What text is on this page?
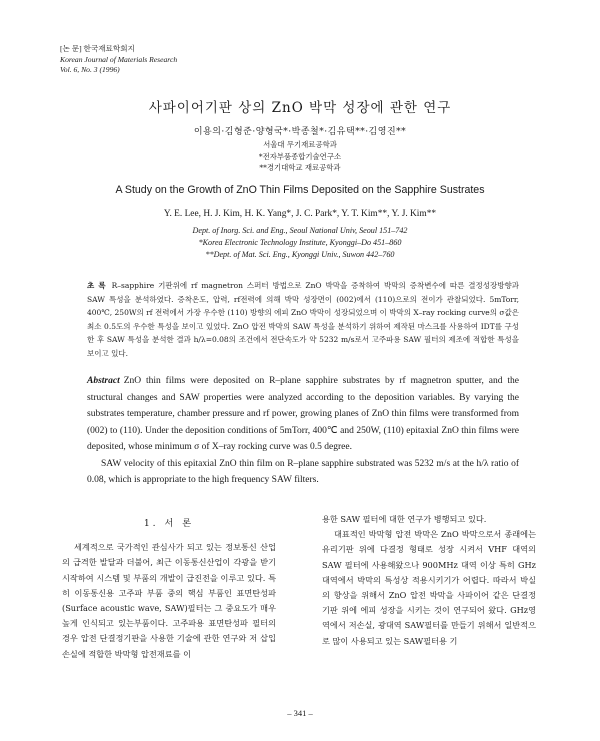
[논 문] 한국재료학회지
Korean Journal of Materials Research
Vol. 6, No. 3 (1996)
사파이어기판 상의 ZnO 박막 성장에 관한 연구
이용의·김형준·양형국*·박종철*·김유택**·김영진**
서울대 무기재료공학과
*전자부품종합기술연구소
**경기대학교 재료공학과
A Study on the Growth of ZnO Thin Films Deposited on the Sapphire Sustrates
Y. E. Lee, H. J. Kim, H. K. Yang*, J. C. Park*, Y. T. Kim**, Y. J. Kim**
Dept. of Inorg. Sci. and Eng., Seoul National Univ, Seoul 151–742
*Korea Electronic Technology Institute, Kyonggi–Do 451–860
**Dept. of Mat. Sci. Eng., Kyonggi Univ., Suwon 442–760
초 록 R–sapphire 기판위에 rf magnetron 스퍼터 방법으로 ZnO 박막을 증착하여 박막의 증착변수에 따른 결정성장방향과 SAW 특성을 분석하였다. 증착온도, 압력, rf전력에 의해 박막 성장면이 (002)에서 (110)으로의 전이가 관찰되었다. 5mTorr, 400℃, 250W의 rf 전력에서 가장 우수한 (110) 방향의 에피 ZnO 박막이 성장되었으며 이 박막의 X–ray rocking curve의 σ값은 최소 0.5도의 우수한 특성을 보이고 있었다. ZnO 압전 박막의 SAW 특성을 분석하기 위하여 제작된 마스크를 사용하여 IDT를 구성한 후 SAW 특성을 분석한 결과 h/λ=0.08의 조건에서 전단속도가 약 5232 m/s로서 고주파용 SAW 필터의 제조에 적합한 특성을 보이고 있다.

Abstract ZnO thin films were deposited on R–plane sapphire substrates by rf magnetron sputter, and the structural changes and SAW properties were analyzed according to the deposition variables. By varying the substrates temperature, chamber pressure and rf power, growing planes of ZnO thin films were transformed from (002) to (110). Under the deposition conditions of 5mTorr, 400℃ and 250W, (110) epitaxial ZnO thin films were deposited, whose minimum σ of X–ray rocking curve was 0.5 degree.

SAW velocity of this epitaxial ZnO thin film on R–plane sapphire substrated was 5232 m/s at the h/λ ratio of 0.08, which is appropriate to the high frequency SAW filters.

1. 서 론

세계적으로 국가적인 관심사가 되고 있는 정보통신 산업의 급격한 발달과 더불어, 최근 이동통신산업이 각광을 받기 시작하여 시스템 및 부품의 개발이 급진전을 이루고 있다. 특히 이동통신용 고주파 부품 중의 핵심 부품인 표면탄성파(Surface acoustic wave, SAW)필터는 그 중요도가 매우 높게 인식되고 있는부품이다. 고주파용 표면탄성파 필터의 경우 압전 단결정기판을 사용한 기술에 관한 연구와 저 삽입손실에 적합한 박막형 압전재료를 이

용한 SAW 필터에 대한 연구가 병행되고 있다.

대표적인 박막형 압전 박막은 ZnO 박막으로서 종래에는 유리기판 위에 다결정 형태로 성장 시켜서 VHF 대역의 SAW 필터에 사용해왔으나 900MHz 대역 이상 특히 GHz 대역에서 박막의 특성상 적용시키기가 어렵다. 따라서 박실의 향상을 위해서 ZnO 압전 박막을 사파이어 같은 단결정 기판 위에 에피 성장을 시키는 것이 연구되어 왔다. GHz영역에서 저손실, 광대역 SAW필터를 만들기 위해서 일반적으로 많이 사용되고 있는 SAW필터용 기

– 341 –
